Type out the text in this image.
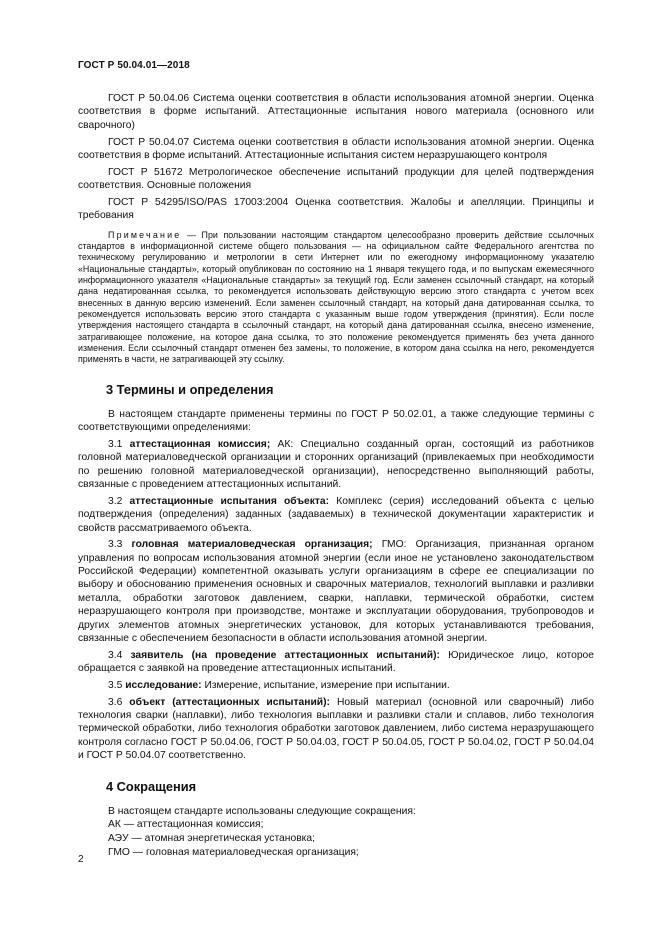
ГОСТ Р 50.04.01—2018

ГОСТ Р 50.04.06 Система оценки соответствия в области использования атомной энергии. Оценка соответствия в форме испытаний. Аттестационные испытания нового материала (основного или сварочного)

ГОСТ Р 50.04.07 Система оценки соответствия в области использования атомной энергии. Оценка соответствия в форме испытаний. Аттестационные испытания систем неразрушающего контроля

ГОСТ Р 51672 Метрологическое обеспечение испытаний продукции для целей подтверждения соответствия. Основные положения

ГОСТ Р 54295/ISO/PAS 17003:2004 Оценка соответствия. Жалобы и апелляции. Принципы и требования

Примечание — При пользовании настоящим стандартом целесообразно проверить действие ссылочных стандартов в информационной системе общего пользования — на официальном сайте Федерального агентства по техническому регулированию и метрологии в сети Интернет или по ежегодному информационному указателю «Национальные стандарты», который опубликован по состоянию на 1 января текущего года, и по выпускам ежемесячного информационного указателя «Национальные стандарты» за текущий год. Если заменен ссылочный стандарт, на который дана недатированная ссылка, то рекомендуется использовать действующую версию этого стандарта с учетом всех внесенных в данную версию изменений. Если заменен ссылочный стандарт, на который дана датированная ссылка, то рекомендуется использовать версию этого стандарта с указанным выше годом утверждения (принятия). Если после утверждения настоящего стандарта в ссылочный стандарт, на который дана датированная ссылка, внесено изменение, затрагивающее положение, на которое дана ссылка, то это положение рекомендуется применять без учета данного изменения. Если ссылочный стандарт отменен без замены, то положение, в котором дана ссылка на него, рекомендуется применять в части, не затрагивающей эту ссылку.

3 Термины и определения

В настоящем стандарте применены термины по ГОСТ Р 50.02.01, а также следующие термины с соответствующими определениями:

3.1 аттестационная комиссия; АК: Специально созданный орган, состоящий из работников головной материаловедческой организации и сторонних организаций (привлекаемых при необходимости по решению головной материаловедческой организации), непосредственно выполняющий работы, связанные с проведением аттестационных испытаний.

3.2 аттестационные испытания объекта: Комплекс (серия) исследований объекта с целью подтверждения (определения) заданных (задаваемых) в технической документации характеристик и свойств рассматриваемого объекта.

3.3 головная материаловедческая организация; ГМО: Организация, признанная органом управления по вопросам использования атомной энергии (если иное не установлено законодательством Российской Федерации) компетентной оказывать услуги организациям в сфере ее специализации по выбору и обоснованию применения основных и сварочных материалов, технологий выплавки и разливки металла, обработки заготовок давлением, сварки, наплавки, термической обработки, систем неразрушающего контроля при производстве, монтаже и эксплуатации оборудования, трубопроводов и других элементов атомных энергетических установок, для которых устанавливаются требования, связанные с обеспечением безопасности в области использования атомной энергии.

3.4 заявитель (на проведение аттестационных испытаний): Юридическое лицо, которое обращается с заявкой на проведение аттестационных испытаний.

3.5 исследование: Измерение, испытание, измерение при испытании.

3.6 объект (аттестационных испытаний): Новый материал (основной или сварочный) либо технология сварки (наплавки), либо технология выплавки и разливки стали и сплавов, либо технология термической обработки, либо технология обработки заготовок давлением, либо система неразрушающего контроля согласно ГОСТ Р 50.04.06, ГОСТ Р 50.04.03, ГОСТ Р 50.04.05, ГОСТ Р 50.04.02, ГОСТ Р 50.04.04 и ГОСТ Р 50.04.07 соответственно.

4 Сокращения

В настоящем стандарте использованы следующие сокращения:

АК — аттестационная комиссия;

АЭУ — атомная энергетическая установка;

ГМО — головная материаловедческая организация;

2
